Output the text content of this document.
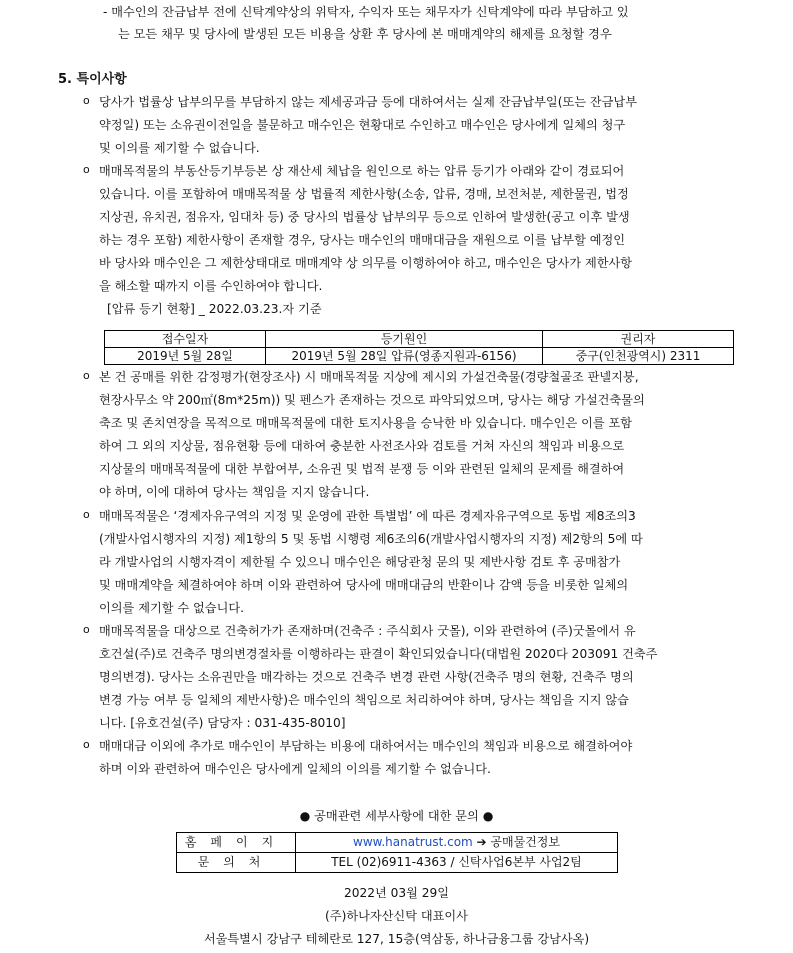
- 매수인의 잔금납부 전에 신탁계약상의 위탁자, 수익자 또는 채무자가 신탁계약에 따라 부담하고 있
는 모든 채무 및 당사에 발생된 모든 비용을 상환 후 당사에 본 매매계약의 해제를 요청할 경우
5. 특이사항
ο 당사가 법률상 납부의무를 부담하지 않는 제세공과금 등에 대하여서는 실제 잔금납부일(또는 잔금납부
약정일) 또는 소유권이전일을 불문하고 매수인은 현황대로 수인하고 매수인은 당사에게 일체의 청구
및 이의를 제기할 수 없습니다.
ο 매매목적물의 부동산등기부등본 상 재산세 체납을 원인으로 하는 압류 등기가 아래와 같이 경료되어
있습니다. 이를 포함하여 매매목적물 상 법률적 제한사항(소송, 압류, 경매, 보전처분, 제한물권, 법정
지상권, 유치권, 점유자, 임대차 등) 중 당사의 법률상 납부의무 등으로 인하여 발생한(공고 이후 발생
하는 경우 포함) 제한사항이 존재할 경우, 당사는 매수인의 매매대금을 재원으로 이를 납부할 예정인
바 당사와 매수인은 그 제한상태대로 매매계약 상 의무를 이행하여야 하고, 매수인은 당사가 제한사항
을 해소할 때까지 이를 수인하여야 합니다.
[압류 등기 현황] _ 2022.03.23.자 기준
접수일자	등기원인	권리자
2019년 5월 28일	2019년 5월 28일 압류(영종지원과-6156)	중구(인천광역시) 2311
ο 본 건 공매를 위한 감정평가(현장조사) 시 매매목적물 지상에 제시외 가설건축물(경량철골조 판넬지붕,
현장사무소 약 200㎡(8m*25m)) 및 펜스가 존재하는 것으로 파악되었으며, 당사는 해당 가설건축물의
축조 및 존치연장을 목적으로 매매목적물에 대한 토지사용을 승낙한 바 있습니다. 매수인은 이를 포함
하여 그 외의 지상물, 점유현황 등에 대하여 충분한 사전조사와 검토를 거쳐 자신의 책임과 비용으로
지상물의 매매목적물에 대한 부합여부, 소유권 및 법적 분쟁 등 이와 관련된 일체의 문제를 해결하여
야 하며, 이에 대하여 당사는 책임을 지지 않습니다.
ο 매매목적물은 ‘경제자유구역의 지정 및 운영에 관한 특별법’ 에 따른 경제자유구역으로 동법 제8조의3
(개발사업시행자의 지정) 제1항의 5 및 동법 시행령 제6조의6(개발사업시행자의 지정) 제2항의 5에 따
라 개발사업의 시행자격이 제한될 수 있으니 매수인은 해당관청 문의 및 제반사항 검토 후 공매참가
및 매매계약을 체결하여야 하며 이와 관련하여 당사에 매매대금의 반환이나 감액 등을 비롯한 일체의
이의를 제기할 수 없습니다.
ο 매매목적물을 대상으로 건축허가가 존재하며(건축주 : 주식회사 굿몰), 이와 관련하여 (주)굿몰에서 유
호건설(주)로 건축주 명의변경절차를 이행하라는 판결이 확인되었습니다(대법원 2020다 203091 건축주
명의변경). 당사는 소유권만을 매각하는 것으로 건축주 변경 관련 사항(건축주 명의 현황, 건축주 명의
변경 가능 여부 등 일체의 제반사항)은 매수인의 책임으로 처리하여야 하며, 당사는 책임을 지지 않습
니다. [유호건설(주) 담당자 : 031-435-8010]
ο 매매대금 이외에 추가로 매수인이 부담하는 비용에 대하여서는 매수인의 책임과 비용으로 해결하여야
하며 이와 관련하여 매수인은 당사에게 일체의 이의를 제기할 수 없습니다.
● 공매관련 세부사항에 대한 문의 ●
홈페이지	www.hanatrust.com ➔ 공매물건정보
문의처	TEL (02)6911-4363 / 신탁사업6본부 사업2팀
2022년 03월 29일
(주)하나자산신탁 대표이사
서울특별시 강남구 테헤란로 127, 15층(역삼동, 하나금융그룹 강남사옥)
